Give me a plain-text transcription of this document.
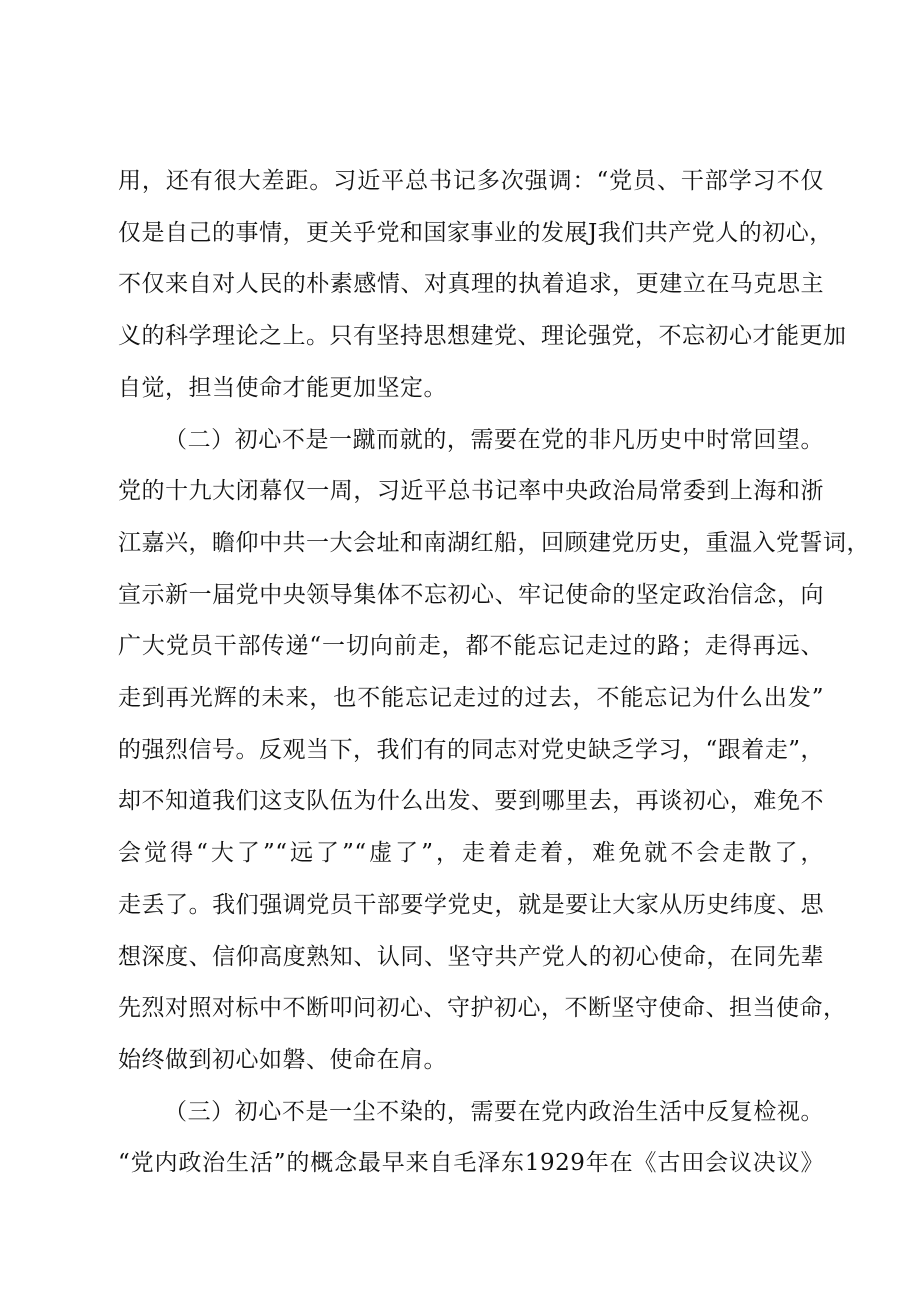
用，还有很大差距。习近平总书记多次强调：“党员、干部学习不仅
仅是自己的事情，更关乎党和国家事业的发展J我们共产党人的初心，
不仅来自对人民的朴素感情、对真理的执着追求，更建立在马克思主
义的科学理论之上。只有坚持思想建党、理论强党，不忘初心才能更加
自觉，担当使命才能更加坚定。

（二）初心不是一蹴而就的，需要在党的非凡历史中时常回望。
党的十九大闭幕仅一周，习近平总书记率中央政治局常委到上海和浙
江嘉兴，瞻仰中共一大会址和南湖红船，回顾建党历史，重温入党誓词，
宣示新一届党中央领导集体不忘初心、牢记使命的坚定政治信念，向
广大党员干部传递“一切向前走，都不能忘记走过的路；走得再远、
走到再光辉的未来，也不能忘记走过的过去，不能忘记为什么出发”
的强烈信号。反观当下，我们有的同志对党史缺乏学习，“跟着走”，
却不知道我们这支队伍为什么出发、要到哪里去，再谈初心，难免不
会觉得“大了”“远了”“虚了”，走着走着，难免就不会走散了，
走丢了。我们强调党员干部要学党史，就是要让大家从历史纬度、思
想深度、信仰高度熟知、认同、坚守共产党人的初心使命，在同先辈
先烈对照对标中不断叩问初心、守护初心，不断坚守使命、担当使命，
始终做到初心如磐、使命在肩。

（三）初心不是一尘不染的，需要在党内政治生活中反复检视。
“党内政治生活”的概念最早来自毛泽东1929年在《古田会议决议》
